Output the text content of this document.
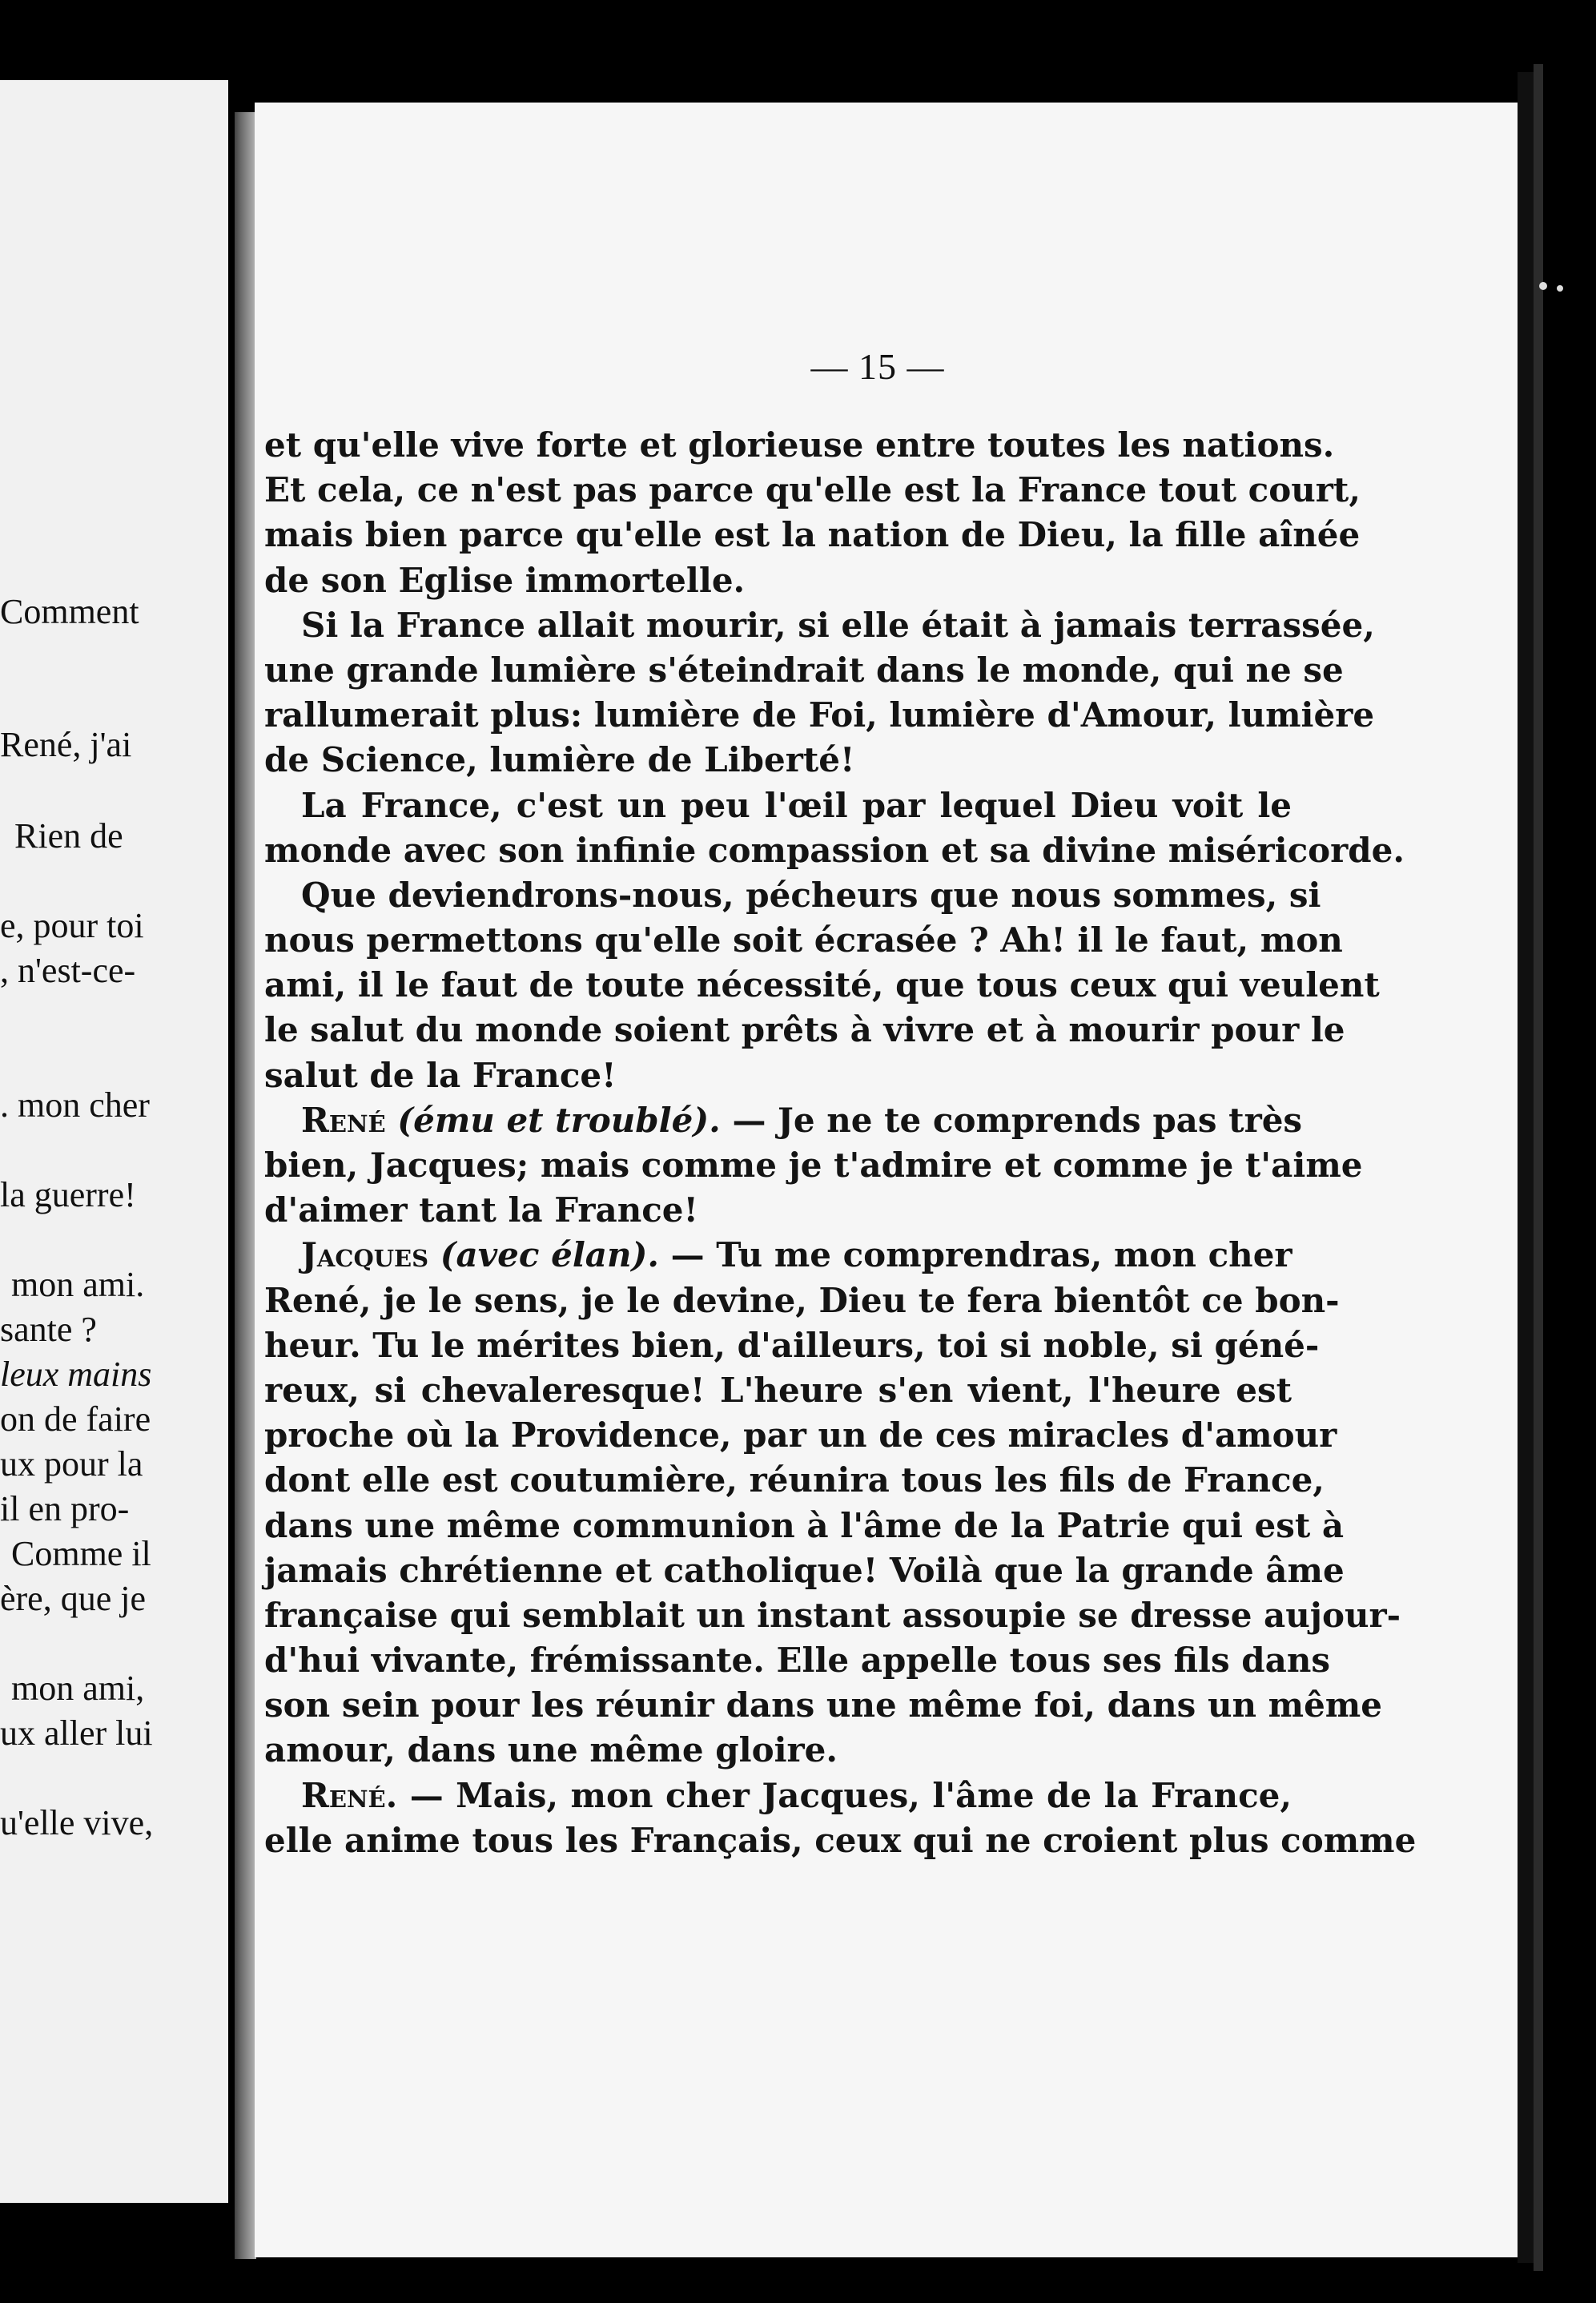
Comment
René, j'ai
Rien de
e, pour toi
, n'est-ce-
. mon cher
la guerre!
mon ami.
sante ?
leux mains
on de faire
ux pour la
il en pro-
Comme il
ère, que je
mon ami,
ux aller lui
u'elle vive,
— 15 —
et qu'elle vive forte et glorieuse entre toutes les nations.
Et cela, ce n'est pas parce qu'elle est la France tout court,
mais bien parce qu'elle est la nation de Dieu, la fille aînée
de son Eglise immortelle.
Si la France allait mourir, si elle était à jamais terrassée,
une grande lumière s'éteindrait dans le monde, qui ne se
rallumerait plus: lumière de Foi, lumière d'Amour, lumière
de Science, lumière de Liberté!
La France, c'est un peu l'œil par lequel Dieu voit le
monde avec son infinie compassion et sa divine miséricorde.
Que deviendrons-nous, pécheurs que nous sommes, si
nous permettons qu'elle soit écrasée ? Ah! il le faut, mon
ami, il le faut de toute nécessité, que tous ceux qui veulent
le salut du monde soient prêts à vivre et à mourir pour le
salut de la France!
René (ému et troublé). — Je ne te comprends pas très
bien, Jacques; mais comme je t'admire et comme je t'aime
d'aimer tant la France!
Jacques (avec élan). — Tu me comprendras, mon cher
René, je le sens, je le devine, Dieu te fera bientôt ce bon-
heur. Tu le mérites bien, d'ailleurs, toi si noble, si géné-
reux, si chevaleresque! L'heure s'en vient, l'heure est
proche où la Providence, par un de ces miracles d'amour
dont elle est coutumière, réunira tous les fils de France,
dans une même communion à l'âme de la Patrie qui est à
jamais chrétienne et catholique! Voilà que la grande âme
française qui semblait un instant assoupie se dresse aujour-
d'hui vivante, frémissante. Elle appelle tous ses fils dans
son sein pour les réunir dans une même foi, dans un même
amour, dans une même gloire.
René. — Mais, mon cher Jacques, l'âme de la France,
elle anime tous les Français, ceux qui ne croient plus comme
